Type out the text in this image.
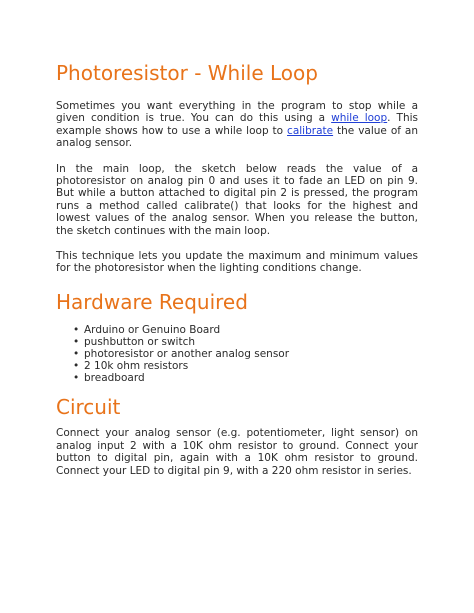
Photoresistor - While Loop

Sometimes you want everything in the program to stop while a given condition is true. You can do this using a while loop. This example shows how to use a while loop to calibrate the value of an analog sensor.

In the main loop, the sketch below reads the value of a photoresistor on analog pin 0 and uses it to fade an LED on pin 9. But while a button attached to digital pin 2 is pressed, the program runs a method called calibrate() that looks for the highest and lowest values of the analog sensor. When you release the button, the sketch continues with the main loop.

This technique lets you update the maximum and minimum values for the photoresistor when the lighting conditions change.

Hardware Required
• Arduino or Genuino Board
• pushbutton or switch
• photoresistor or another analog sensor
• 2 10k ohm resistors
• breadboard
Circuit

Connect your analog sensor (e.g. potentiometer, light sensor) on analog input 2 with a 10K ohm resistor to ground. Connect your button to digital pin, again with a 10K ohm resistor to ground. Connect your LED to digital pin 9, with a 220 ohm resistor in series.
